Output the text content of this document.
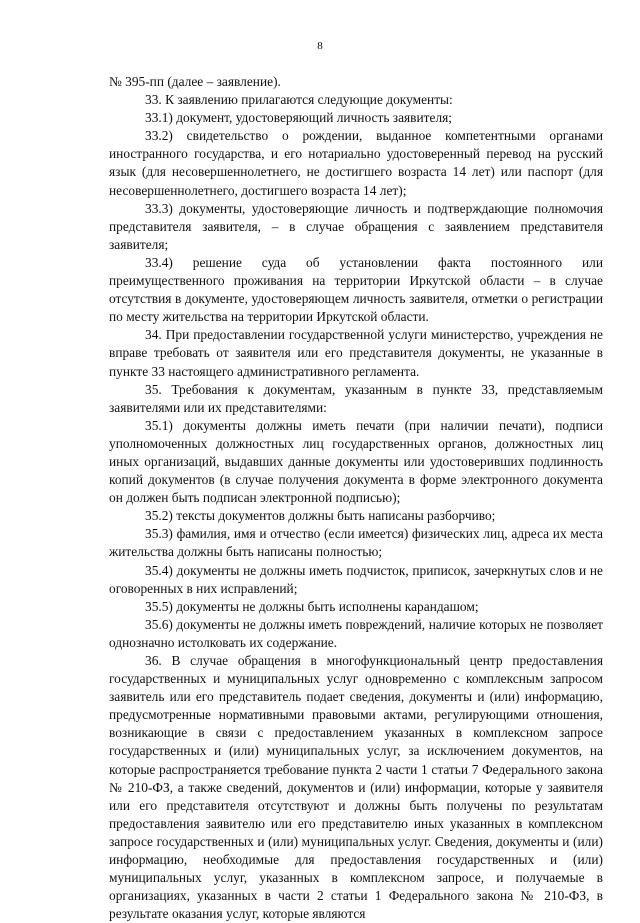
8

№ 395-пп (далее – заявление).

33. К заявлению прилагаются следующие документы:

33.1) документ, удостоверяющий личность заявителя;

33.2) свидетельство о рождении, выданное компетентными органами иностранного государства, и его нотариально удостоверенный перевод на русский язык (для несовершеннолетнего, не достигшего возраста 14 лет) или паспорт (для несовершеннолетнего, достигшего возраста 14 лет);

33.3) документы, удостоверяющие личность и подтверждающие полномочия представителя заявителя, – в случае обращения с заявлением представителя заявителя;

33.4) решение суда об установлении факта постоянного или преимущественного проживания на территории Иркутской области – в случае отсутствия в документе, удостоверяющем личность заявителя, отметки о регистрации по месту жительства на территории Иркутской области.

34. При предоставлении государственной услуги министерство, учреждения не вправе требовать от заявителя или его представителя документы, не указанные в пункте 33 настоящего административного регламента.

35. Требования к документам, указанным в пункте 33, представляемым заявителями или их представителями:

35.1) документы должны иметь печати (при наличии печати), подписи уполномоченных должностных лиц государственных органов, должностных лиц иных организаций, выдавших данные документы или удостоверивших подлинность копий документов (в случае получения документа в форме электронного документа он должен быть подписан электронной подписью);

35.2) тексты документов должны быть написаны разборчиво;

35.3) фамилия, имя и отчество (если имеется) физических лиц, адреса их места жительства должны быть написаны полностью;

35.4) документы не должны иметь подчисток, приписок, зачеркнутых слов и не оговоренных в них исправлений;

35.5) документы не должны быть исполнены карандашом;

35.6) документы не должны иметь повреждений, наличие которых не позволяет однозначно истолковать их содержание.

36. В случае обращения в многофункциональный центр предоставления государственных и муниципальных услуг одновременно с комплексным запросом заявитель или его представитель подает сведения, документы и (или) информацию, предусмотренные нормативными правовыми актами, регулирующими отношения, возникающие в связи с предоставлением указанных в комплексном запросе государственных и (или) муниципальных услуг, за исключением документов, на которые распространяется требование пункта 2 части 1 статьи 7 Федерального закона № 210-ФЗ, а также сведений, документов и (или) информации, которые у заявителя или его представителя отсутствуют и должны быть получены по результатам предоставления заявителю или его представителю иных указанных в комплексном запросе государственных и (или) муниципальных услуг. Сведения, документы и (или) информацию, необходимые для предоставления государственных и (или) муниципальных услуг, указанных в комплексном запросе, и получаемые в организациях, указанных в части 2 статьи 1 Федерального закона № 210-ФЗ, в результате оказания услуг, которые являются
